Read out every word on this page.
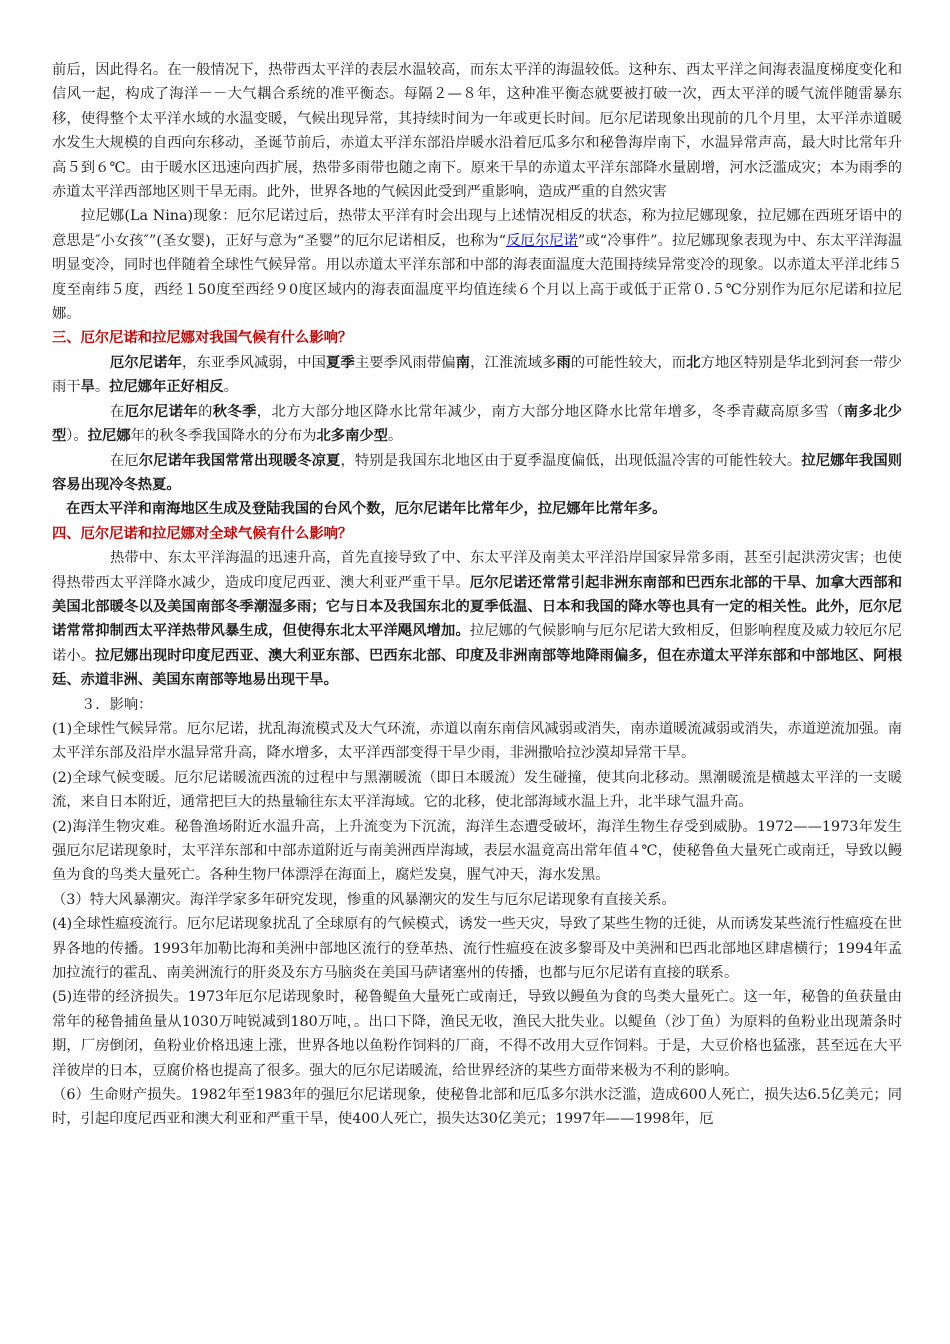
前后，因此得名。在一般情况下，热带西太平洋的表层水温较高，而东太平洋的海温较低。这种东、西太平洋之间海表温度梯度变化和信风一起，构成了海洋－－大气耦合系统的准平衡态。每隔２—８年，这种准平衡态就要被打破一次，西太平洋的暖气流伴随雷暴东移，使得整个太平洋水域的水温变暖，气候出现异常，其持续时间为一年或更长时间。厄尔尼诺现象出现前的几个月里，太平洋赤道暖水发生大规模的自西向东移动，圣诞节前后，赤道太平洋东部沿岸暖水沿着厄瓜多尔和秘鲁海岸南下，水温异常声高，最大时比常年升高５到６℃。由于暖水区迅速向西扩展，热带多雨带也随之南下。原来干旱的赤道太平洋东部降水量剧增，河水泛滥成灾；本为雨季的赤道太平洋西部地区则干旱无雨。此外，世界各地的气候因此受到严重影响，造成严重的自然灾害

拉尼娜(La Nina)现象：厄尔尼诺过后，热带太平洋有时会出现与上述情况相反的状态，称为拉尼娜现象，拉尼娜在西班牙语中的意思是″小女孩″”(圣女婴)，正好与意为“圣婴”的厄尔尼诺相反，也称为“反厄尔尼诺”或“冷事件”。拉尼娜现象表现为中、东太平洋海温明显变冷，同时也伴随着全球性气候异常。用以赤道太平洋东部和中部的海表面温度大范围持续异常变冷的现象。以赤道太平洋北纬５度至南纬５度，西经１50度至西经９0度区域内的海表面温度平均值连续６个月以上高于或低于正常０.５℃分别作为厄尔尼诺和拉尼娜。

三、厄尔尼诺和拉尼娜对我国气候有什么影响？

厄尔尼诺年，东亚季风减弱，中国夏季主要季风雨带偏南，江淮流域多雨的可能性较大，而北方地区特别是华北到河套一带少雨干旱。拉尼娜年正好相反。

在厄尔尼诺年的秋冬季，北方大部分地区降水比常年减少，南方大部分地区降水比常年增多，冬季青藏高原多雪（南多北少型）。拉尼娜年的秋冬季我国降水的分布为北多南少型。

在厄尔尼诺年我国常常出现暖冬凉夏，特别是我国东北地区由于夏季温度偏低，出现低温冷害的可能性较大。拉尼娜年我国则容易出现冷冬热夏。

在西太平洋和南海地区生成及登陆我国的台风个数，厄尔尼诺年比常年少，拉尼娜年比常年多。

四、厄尔尼诺和拉尼娜对全球气候有什么影响？

热带中、东太平洋海温的迅速升高，首先直接导致了中、东太平洋及南美太平洋沿岸国家异常多雨，甚至引起洪涝灾害；也使得热带西太平洋降水减少，造成印度尼西亚、澳大利亚严重干旱。厄尔尼诺还常常引起非洲东南部和巴西东北部的干旱、加拿大西部和美国北部暖冬以及美国南部冬季潮湿多雨；它与日本及我国东北的夏季低温、日本和我国的降水等也具有一定的相关性。此外，厄尔尼诺常常抑制西太平洋热带风暴生成，但使得东北太平洋飓风增加。拉尼娜的气候影响与厄尔尼诺大致相反，但影响程度及威力较厄尔尼诺小。拉尼娜出现时印度尼西亚、澳大利亚东部、巴西东北部、印度及非洲南部等地降雨偏多，但在赤道太平洋东部和中部地区、阿根廷、赤道非洲、美国东南部等地易出现干旱。

３．影响：

(1)全球性气候异常。厄尔尼诺，扰乱海流模式及大气环流，赤道以南东南信风减弱或消失，南赤道暖流减弱或消失，赤道逆流加强。南太平洋东部及沿岸水温异常升高，降水增多，太平洋西部变得干旱少雨，非洲撒哈拉沙漠却异常干旱。

(2)全球气候变暖。厄尔尼诺暖流西流的过程中与黑潮暖流（即日本暖流）发生碰撞，使其向北移动。黑潮暖流是横越太平洋的一支暖流，来自日本附近，通常把巨大的热量输往东太平洋海域。它的北移，使北部海域水温上升，北半球气温升高。

(2)海洋生物灾难。秘鲁渔场附近水温升高，上升流变为下沉流，海洋生态遭受破坏，海洋生物生存受到威胁。1972——1973年发生强厄尔尼诺现象时，太平洋东部和中部赤道附近与南美洲西岸海域，表层水温竟高出常年值４℃，使秘鲁鱼大量死亡或南迁，导致以鳗鱼为食的鸟类大量死亡。各种生物尸体漂浮在海面上，腐烂发臭，腥气冲天，海水发黑。

（3）特大风暴潮灾。海洋学家多年研究发现，惨重的风暴潮灾的发生与厄尔尼诺现象有直接关系。

(4)全球性瘟疫流行。厄尔尼诺现象扰乱了全球原有的气候模式，诱发一些天灾，导致了某些生物的迁徙，从而诱发某些流行性瘟疫在世界各地的传播。1993年加勒比海和美洲中部地区流行的登革热、流行性瘟疫在波多黎哥及中美洲和巴西北部地区肆虐横行；1994年孟加拉流行的霍乱、南美洲流行的肝炎及东方马脑炎在美国马萨诸塞州的传播，也都与厄尔尼诺有直接的联系。

(5)连带的经济损失。1973年厄尔尼诺现象时，秘鲁鳀鱼大量死亡或南迁，导致以鳗鱼为食的鸟类大量死亡。这一年，秘鲁的鱼获量由常年的秘鲁捕鱼量从1030万吨锐减到180万吨，。出口下降，渔民无收，渔民大批失业。以鳀鱼（沙丁鱼）为原料的鱼粉业出现萧条时期，厂房倒闭，鱼粉业价格迅速上涨，世界各地以鱼粉作饲料的厂商，不得不改用大豆作饲料。于是，大豆价格也猛涨，甚至远在大平洋彼岸的日本，豆腐价格也提高了很多。强大的厄尔尼诺暖流，给世界经济的某些方面带来极为不利的影响。

（6）生命财产损失。1982年至1983年的强厄尔尼诺现象，使秘鲁北部和厄瓜多尔洪水泛滥，造成600人死亡，损失达6.5亿美元；同时，引起印度尼西亚和澳大利亚和严重干旱，使400人死亡，损失达30亿美元；1997年——1998年，厄
